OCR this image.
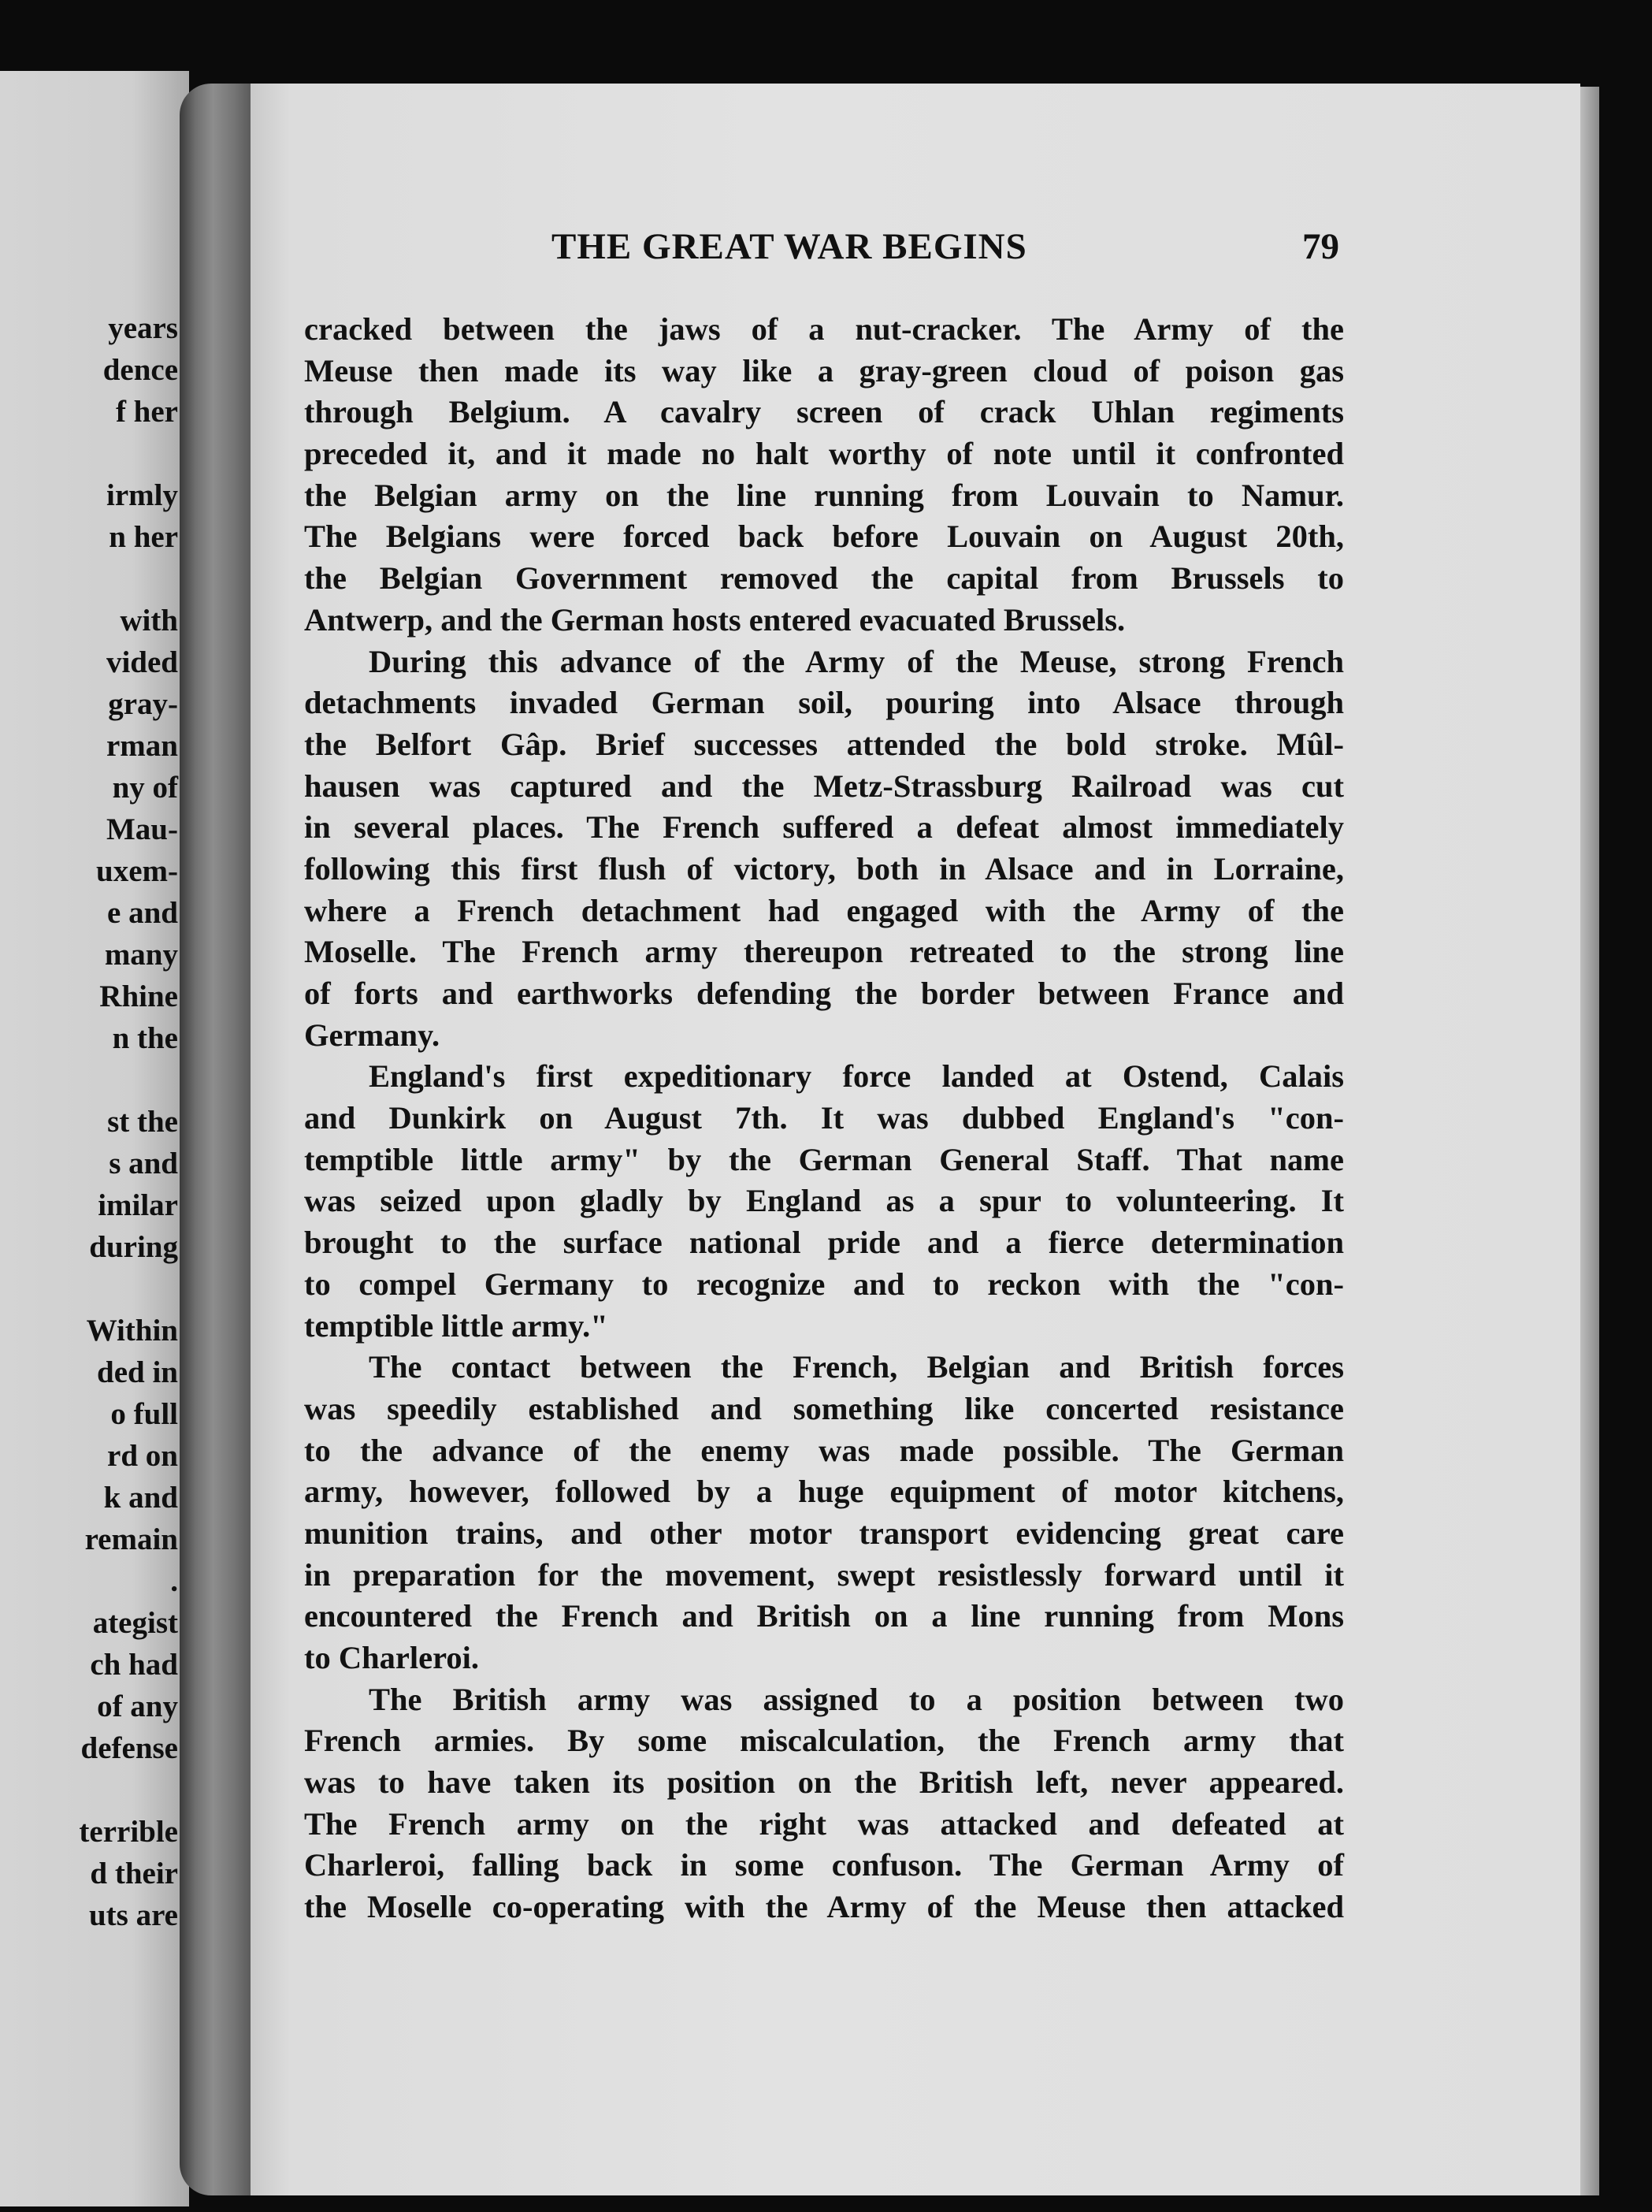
years
dence
f her
irmly
n her
with
vided
gray-
rman
ny of
Mau-
uxem-
e and
many
Rhine
n the
st the
s and
imilar
during
Within
ded in
o full
rd on
k and
remain
.
ategist
ch had
of any
defense
terrible
d their
uts are
THE GREAT WAR BEGINS	79
cracked between the jaws of a nut-cracker. The Army of the
Meuse then made its way like a gray-green cloud of poison gas
through Belgium. A cavalry screen of crack Uhlan regiments
preceded it, and it made no halt worthy of note until it confronted
the Belgian army on the line running from Louvain to Namur.
The Belgians were forced back before Louvain on August 20th,
the Belgian Government removed the capital from Brussels to
Antwerp, and the German hosts entered evacuated Brussels.
During this advance of the Army of the Meuse, strong French
detachments invaded German soil, pouring into Alsace through
the Belfort Gâp. Brief successes attended the bold stroke. Mûl-
hausen was captured and the Metz-Strassburg Railroad was cut
in several places. The French suffered a defeat almost immediately
following this first flush of victory, both in Alsace and in Lorraine,
where a French detachment had engaged with the Army of the
Moselle. The French army thereupon retreated to the strong line
of forts and earthworks defending the border between France and
Germany.
England's first expeditionary force landed at Ostend, Calais
and Dunkirk on August 7th. It was dubbed England's "con-
temptible little army" by the German General Staff. That name
was seized upon gladly by England as a spur to volunteering. It
brought to the surface national pride and a fierce determination
to compel Germany to recognize and to reckon with the "con-
temptible little army."
The contact between the French, Belgian and British forces
was speedily established and something like concerted resistance
to the advance of the enemy was made possible. The German
army, however, followed by a huge equipment of motor kitchens,
munition trains, and other motor transport evidencing great care
in preparation for the movement, swept resistlessly forward until it
encountered the French and British on a line running from Mons
to Charleroi.
The British army was assigned to a position between two
French armies. By some miscalculation, the French army that
was to have taken its position on the British left, never appeared.
The French army on the right was attacked and defeated at
Charleroi, falling back in some confuson. The German Army of
the Moselle co-operating with the Army of the Meuse then attacked
